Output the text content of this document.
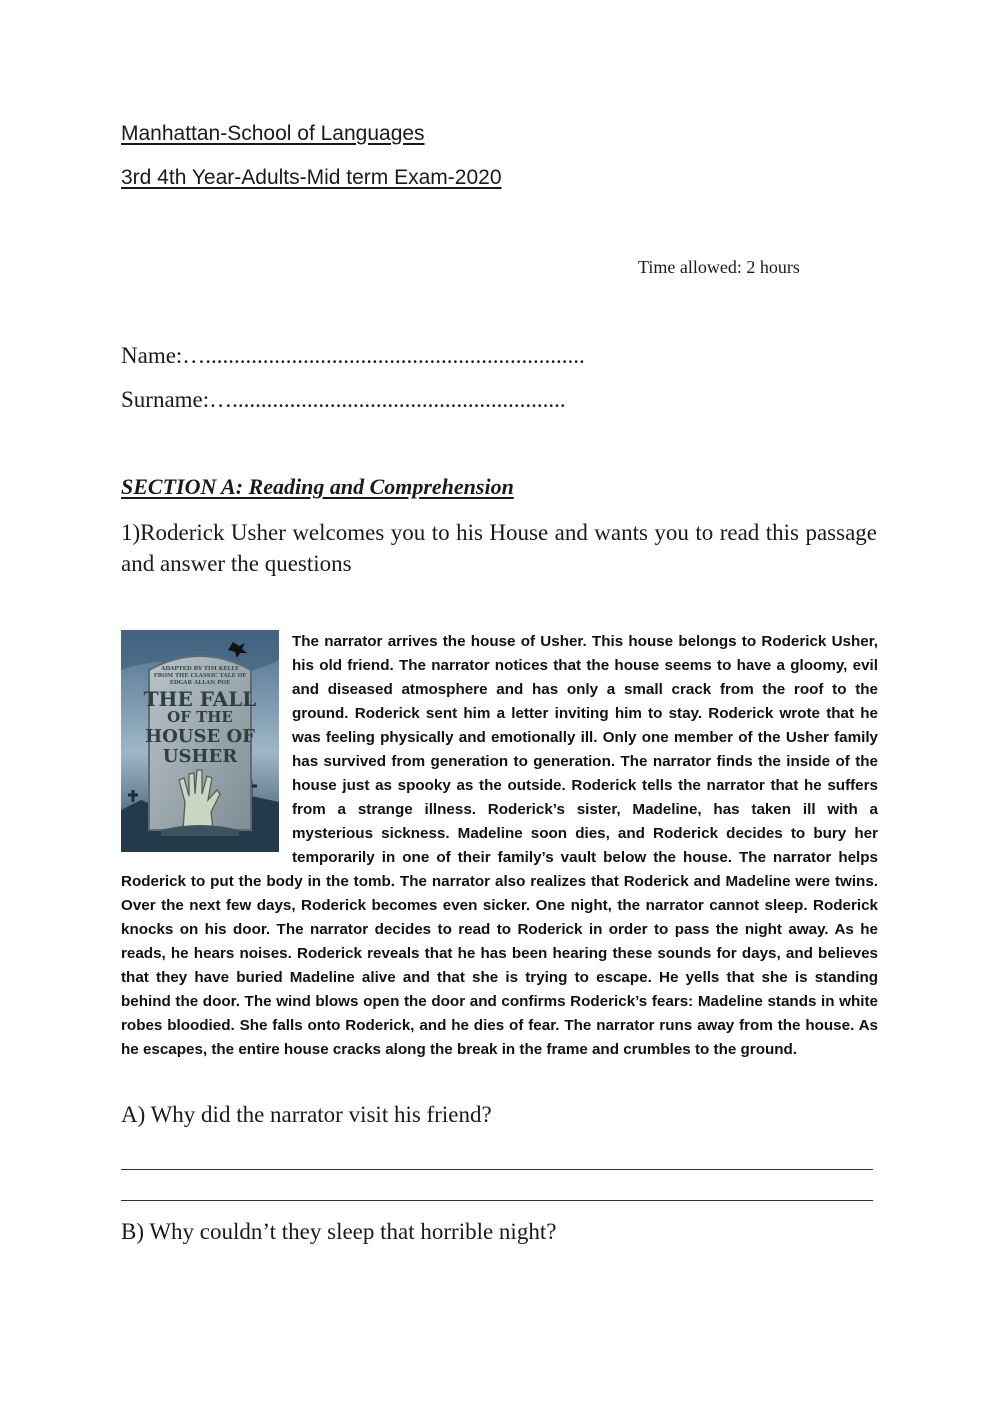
Manhattan-School of Languages
3rd 4th Year-Adults-Mid term Exam-2020
Time allowed: 2 hours
Name:…..................................................................
Surname:…..........................................................
SECTION A: Reading and Comprehension
1)Roderick Usher welcomes you to his House and wants you to read this passage and answer the questions
ADAPTED BY TIM KELLY
FROM THE CLASSIC TALE OF
EDGAR ALLAN POE
THE FALL
OF THE
HOUSE OF
USHER
The narrator arrives the house of Usher. This house belongs to Roderick Usher, his old friend. The narrator notices that the house seems to have a gloomy, evil and diseased atmosphere and has only a small crack from the roof to the ground. Roderick sent him a letter inviting him to stay. Roderick wrote that he was feeling physically and emotionally ill. Only one member of the Usher family has survived from generation to generation. The narrator finds the inside of the house just as spooky as the outside. Roderick tells the narrator that he suffers from a strange illness. Roderick’s sister, Madeline, has taken ill with a mysterious sickness. Madeline soon dies, and Roderick decides to bury her temporarily in one of their family’s vault below the house. The narrator helps Roderick to put the body in the tomb. The narrator also realizes that Roderick and Madeline were twins. Over the next few days, Roderick becomes even sicker. One night, the narrator cannot sleep. Roderick knocks on his door. The narrator decides to read to Roderick in order to pass the night away. As he reads, he hears noises. Roderick reveals that he has been hearing these sounds for days, and believes that they have buried Madeline alive and that she is trying to escape. He yells that she is standing behind the door. The wind blows open the door and confirms Roderick’s fears: Madeline stands in white robes bloodied. She falls onto Roderick, and he dies of fear. The narrator runs away from the house. As he escapes, the entire house cracks along the break in the frame and crumbles to the ground.
A) Why did the narrator visit his friend?
B) Why couldn’t they sleep that horrible night?
